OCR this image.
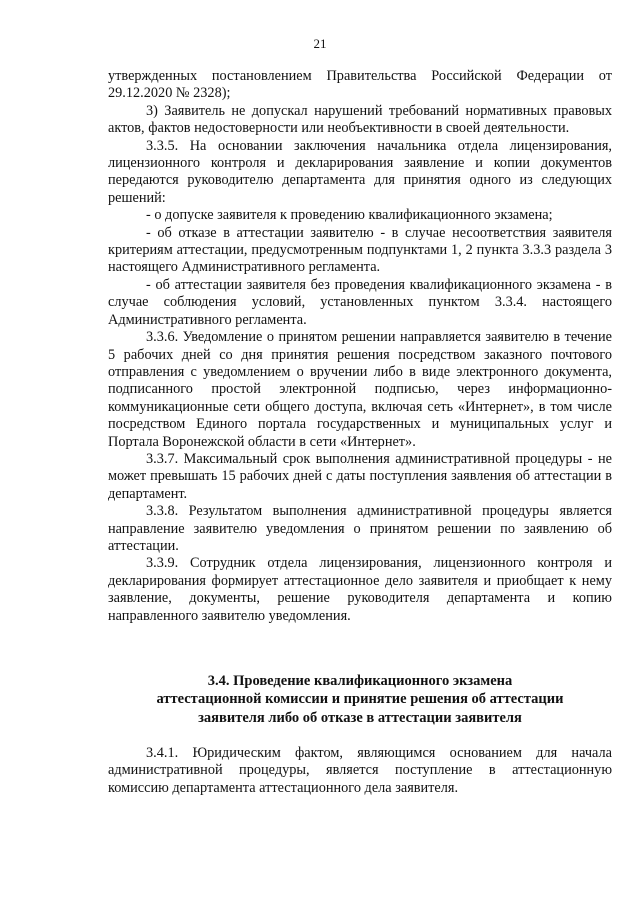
21

утвержденных постановлением Правительства Российской Федерации от 29.12.2020 № 2328);

3) Заявитель не допускал нарушений требований нормативных правовых актов, фактов недостоверности или необъективности в своей деятельности.

3.3.5. На основании заключения начальника отдела лицензирования, лицензионного контроля и декларирования заявление и копии документов передаются руководителю департамента для принятия одного из следующих решений:

- о допуске заявителя к проведению квалификационного экзамена;

- об отказе в аттестации заявителю - в случае несоответствия заявителя критериям аттестации, предусмотренным подпунктами 1, 2 пункта 3.3.3 раздела 3 настоящего Административного регламента.

- об аттестации заявителя без проведения квалификационного экзамена - в случае соблюдения условий, установленных пунктом 3.3.4. настоящего Административного регламента.

3.3.6. Уведомление о принятом решении направляется заявителю в течение 5 рабочих дней со дня принятия решения посредством заказного почтового отправления с уведомлением о вручении либо в виде электронного документа, подписанного простой электронной подписью, через информационно-коммуникационные сети общего доступа, включая сеть «Интернет», в том числе посредством Единого портала государственных и муниципальных услуг и Портала Воронежской области в сети «Интернет».

3.3.7. Максимальный срок выполнения административной процедуры - не может превышать 15 рабочих дней с даты поступления заявления об аттестации в департамент.

3.3.8. Результатом выполнения административной процедуры является направление заявителю уведомления о принятом решении по заявлению об аттестации.

3.3.9. Сотрудник отдела лицензирования, лицензионного контроля и декларирования формирует аттестационное дело заявителя и приобщает к нему заявление, документы, решение руководителя департамента и копию направленного заявителю уведомления.

3.4. Проведение квалификационного экзамена
аттестационной комиссии и принятие решения об аттестации
заявителя либо об отказе в аттестации заявителя

3.4.1. Юридическим фактом, являющимся основанием для начала административной процедуры, является поступление в аттестационную комиссию департамента аттестационного дела заявителя.
